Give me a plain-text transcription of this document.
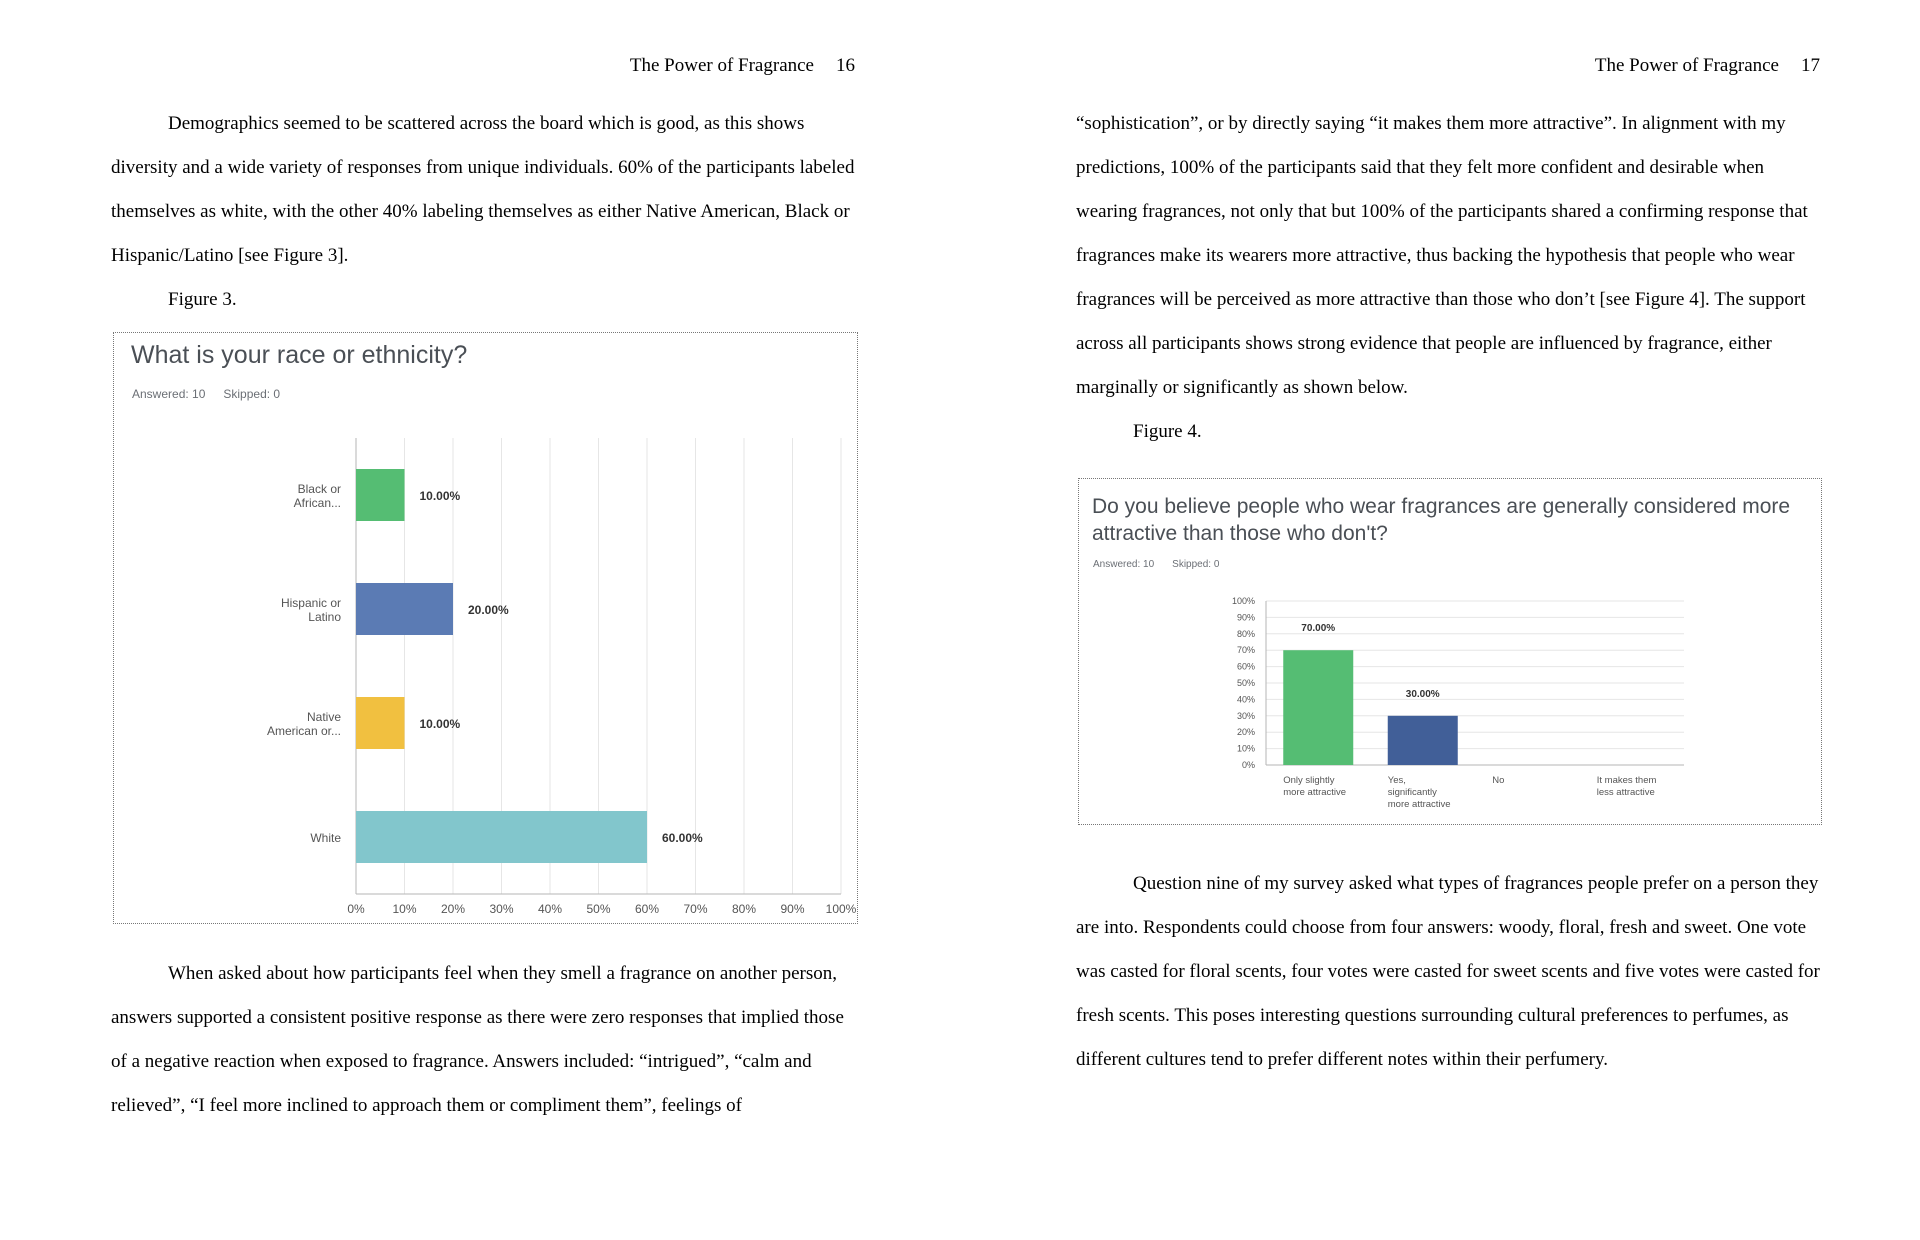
The Power of Fragrance 16

Demographics seemed to be scattered across the board which is good, as this shows diversity and a wide variety of responses from unique individuals. 60% of the participants labeled themselves as white, with the other 40% labeling themselves as either Native American, Black or Hispanic/Latino [see Figure 3].

Figure 3.

What is your race or ethnicity?
Answered: 10 Skipped: 0
0% 10% 20% 30% 40% 50% 60% 70% 80% 90% 100%
10.00%
Black or
African...
20.00%
Hispanic or
Latino
10.00%
Native
American or...
60.00%
White

When asked about how participants feel when they smell a fragrance on another person, answers supported a consistent positive response as there were zero responses that implied those of a negative reaction when exposed to fragrance. Answers included: “intrigued”, “calm and relieved”, “I feel more inclined to approach them or compliment them”, feelings of

The Power of Fragrance 17

“sophistication”, or by directly saying “it makes them more attractive”. In alignment with my predictions, 100% of the participants said that they felt more confident and desirable when wearing fragrances, not only that but 100% of the participants shared a confirming response that fragrances make its wearers more attractive, thus backing the hypothesis that people who wear fragrances will be perceived as more attractive than those who don’t [see Figure 4]. The support across all participants shows strong evidence that people are influenced by fragrance, either marginally or significantly as shown below.

Figure 4.

Do you believe people who wear fragrances are generally considered more attractive than those who don't?
Answered: 10 Skipped: 0
0%
10%
20%
30%
40%
50%
60%
70%
80%
90%
100%
70.00%
Only slightly
more attractive
30.00%
Yes,
significantly
more attractive
No	It makes them
less attractive

Question nine of my survey asked what types of fragrances people prefer on a person they are into. Respondents could choose from four answers: woody, floral, fresh and sweet. One vote was casted for floral scents, four votes were casted for sweet scents and five votes were casted for fresh scents. This poses interesting questions surrounding cultural preferences to perfumes, as different cultures tend to prefer different notes within their perfumery.
